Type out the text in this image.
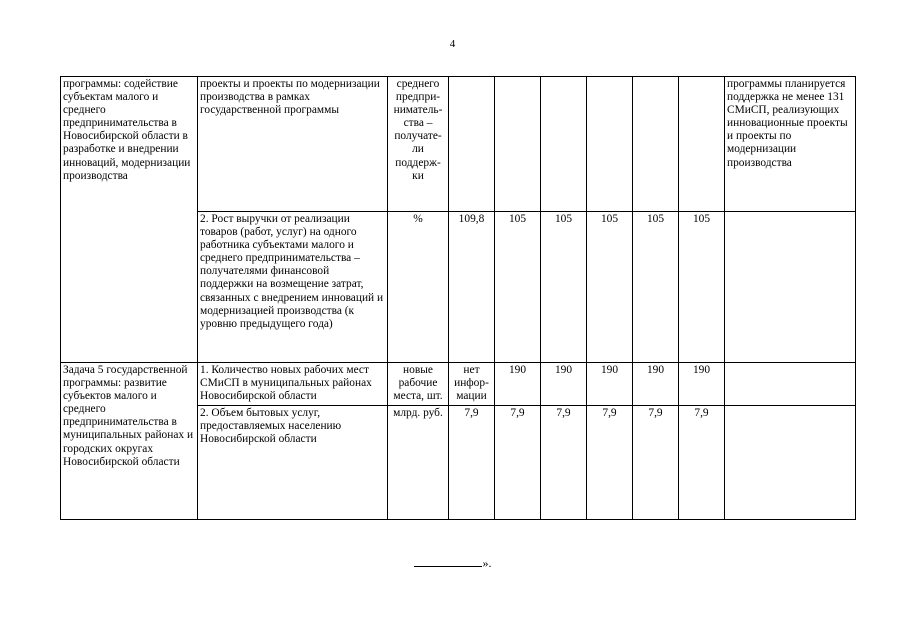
4
программы: содействие субъектам малого и среднего предпринимательства в Новосибирской области в разработке и внедрении инноваций, модернизации производства	проекты и проекты по модернизации производства в рамках государственной программы	среднего предпри-ниматель-ства – получате-ли поддерж-ки							программы планируется поддержка не менее 131 СМиСП, реализующих инновационные проекты и проекты по модернизации производства
	2. Рост выручки от реализации товаров (работ, услуг) на одного работника субъектами малого и среднего предпринимательства – получателями финансовой поддержки на возмещение затрат, связанных с внедрением инноваций и модернизацией производства (к уровню предыдущего года)	%	109,8	105	105	105	105	105	
Задача 5 государственной программы: развитие субъектов малого и среднего предпринимательства в муниципальных районах и городских округах Новосибирской области	1. Количество новых рабочих мест СМиСП в муниципальных районах Новосибирской области	новые рабочие места, шт.	нет инфор-мации	190	190	190	190	190	
	2. Объем бытовых услуг, предоставляемых населению Новосибирской области	млрд. руб.	7,9	7,9	7,9	7,9	7,9	7,9	
».
